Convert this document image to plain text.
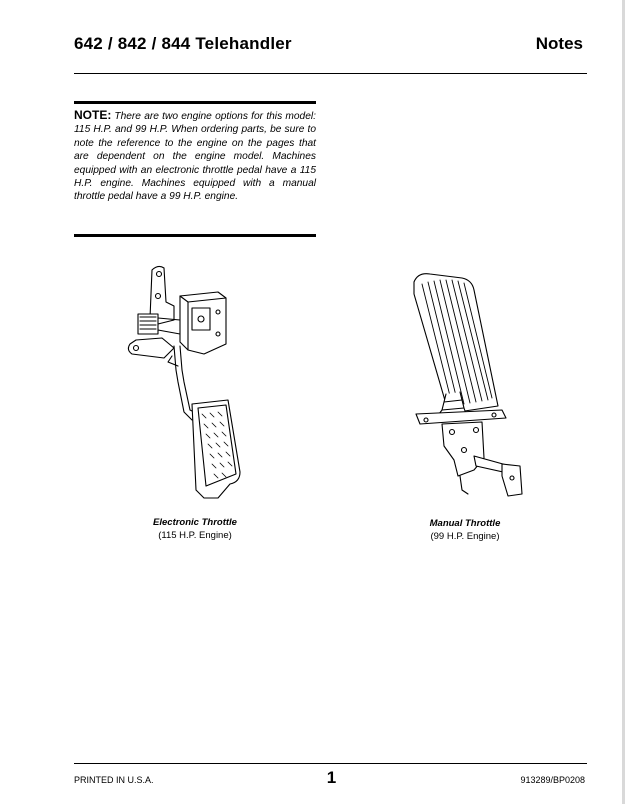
642 / 842 / 844 Telehandler	Notes
NOTE: There are two engine options for this model: 115 H.P. and 99 H.P. When ordering parts, be sure to note the reference to the engine on the pages that are dependent on the engine model. Machines equipped with an electronic throttle pedal have a 115 H.P. engine. Machines equipped with a manual throttle pedal have a 99 H.P. engine.
Electronic Throttle
(115 H.P. Engine)
Manual Throttle
(99 H.P. Engine)
PRINTED IN U.S.A.	1	913289/BP0208
